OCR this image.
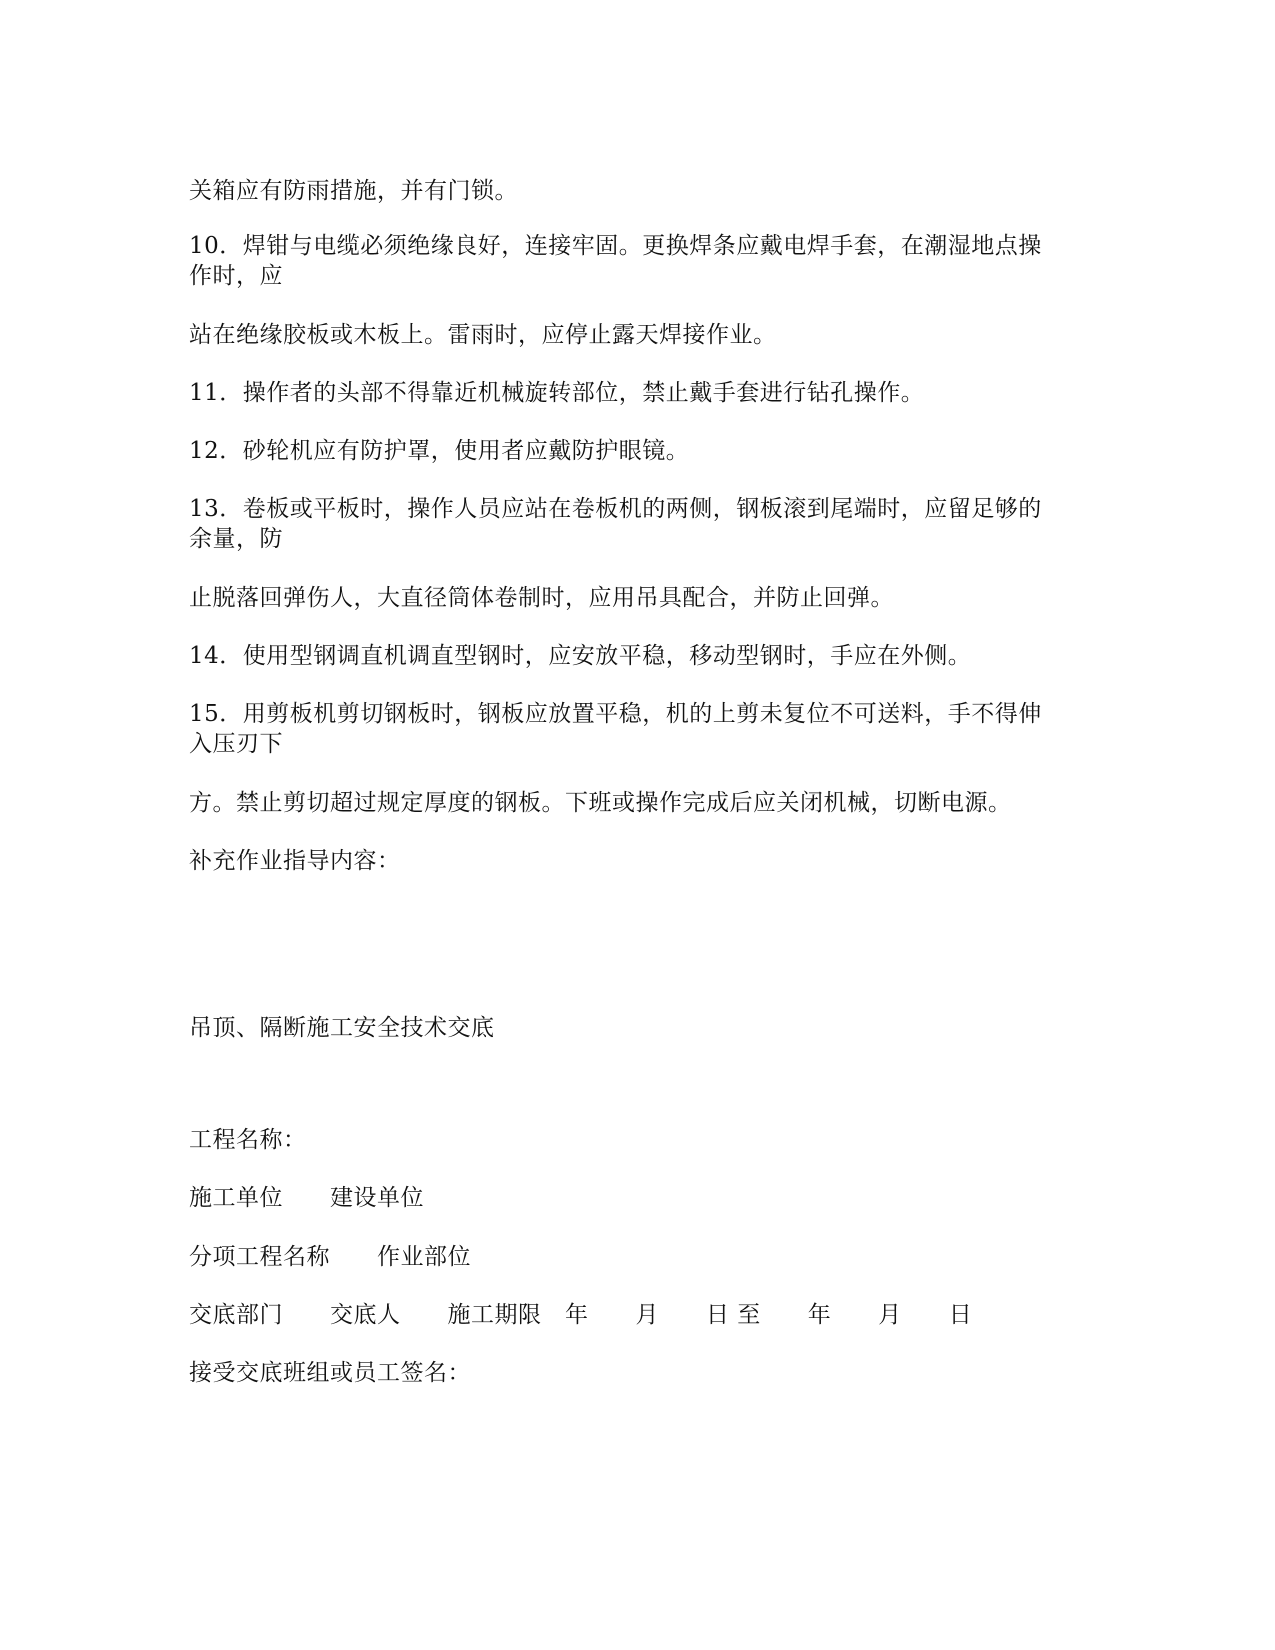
关箱应有防雨措施，并有门锁。
10．焊钳与电缆必须绝缘良好，连接牢固。更换焊条应戴电焊手套，在潮湿地点操作时，应
站在绝缘胶板或木板上。雷雨时，应停止露天焊接作业。
11．操作者的头部不得靠近机械旋转部位，禁止戴手套进行钻孔操作。
12．砂轮机应有防护罩，使用者应戴防护眼镜。
13．卷板或平板时，操作人员应站在卷板机的两侧，钢板滚到尾端时，应留足够的余量，防
止脱落回弹伤人，大直径筒体卷制时，应用吊具配合，并防止回弹。
14．使用型钢调直机调直型钢时，应安放平稳，移动型钢时，手应在外侧。
15．用剪板机剪切钢板时，钢板应放置平稳，机的上剪未复位不可送料，手不得伸入压刃下
方。禁止剪切超过规定厚度的钢板。下班或操作完成后应关闭机械，切断电源。
补充作业指导内容：
吊顶、隔断施工安全技术交底
工程名称：
施工单位　　建设单位
分项工程名称　　作业部位
交底部门　　交底人　　施工期限　年　　月　　日 至　　年　　月　　日
接受交底班组或员工签名：
